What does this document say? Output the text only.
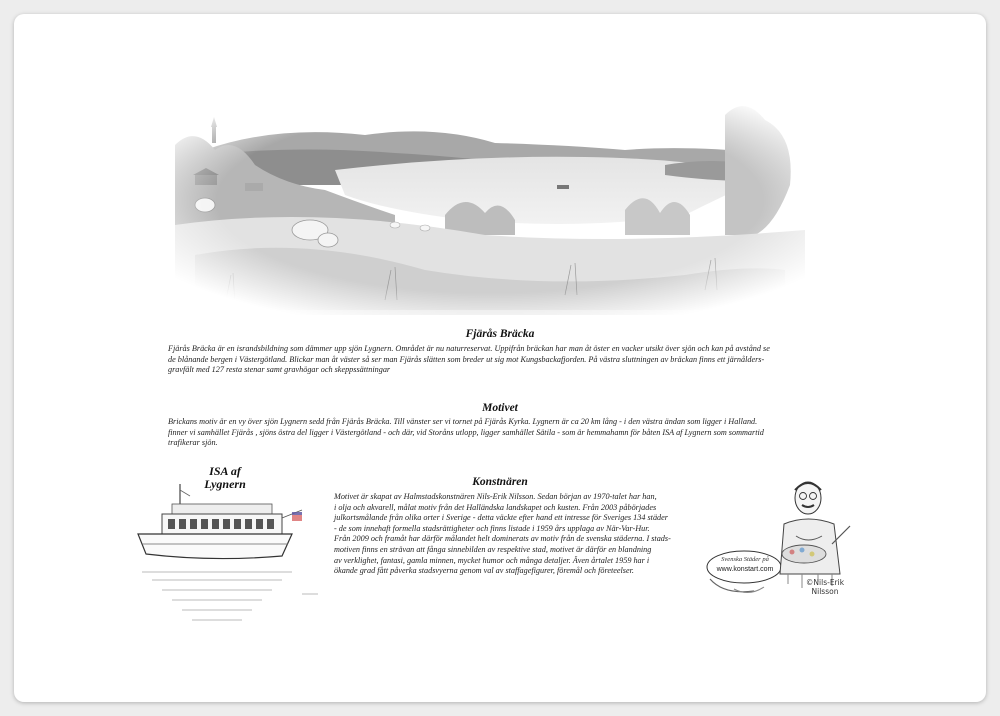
Fjärås Bräcka
Fjärås Bräcka är en israndsbildning som dämmer upp sjön Lygnern. Området är nu naturreservat. Uppifrån bräckan har man åt öster en vacker utsikt över sjön och kan på avstånd se
de blånande bergen i Västergötland. Blickar man åt väster så ser man Fjärås slätten som breder ut sig mot Kungsbackafjorden. På västra sluttningen av bräckan finns ett järnålders-
gravfält med 127 resta stenar samt gravhögar och skeppssättningar
Motivet
Brickans motiv är en vy över sjön Lygnern sedd från Fjärås Bräcka. Till vänster ser vi tornet på Fjärås Kyrka. Lygnern är ca 20 km lång - i den västra ändan som ligger i Halland.
finner vi samhället Fjärås , sjöns östra del ligger i Västergötland - och där, vid Storåns utlopp, ligger samhället Sätila - som är hemmahamn för båten ISA af Lygnern som sommartid
trafikerar sjön.
Konstnären
Motivet är skapat av Halmstadskonstnären Nils-Erik Nilsson. Sedan början av 1970-talet har han,
i olja och akvarell, målat motiv från det Halländska landskapet och kusten. Från 2003 påbörjades
julkortsmålande från olika orter i Sverige - detta väckte efter hand ett intresse för Sveriges 134 städer
- de som innehaft formella stadsrättigheter och finns listade i 1959 års upplaga av När-Var-Hur.
Från 2009 och framåt har därför målandet helt dominerats av motiv från de svenska städerna. I stads-
motiven finns en strävan att fånga sinnebilden av respektive stad, motivet är därför en blandning
av verklighet, fantasi, gamla minnen, mycket humor och många detaljer. Även årtalet 1959 har i
ökande grad fått påverka stadsvyerna genom val av staffagefigurer, föremål och företeelser.
ISA af
Lygnern
Svenska Städer på
www.konstart.com
©Nils-Erik
Nilsson
